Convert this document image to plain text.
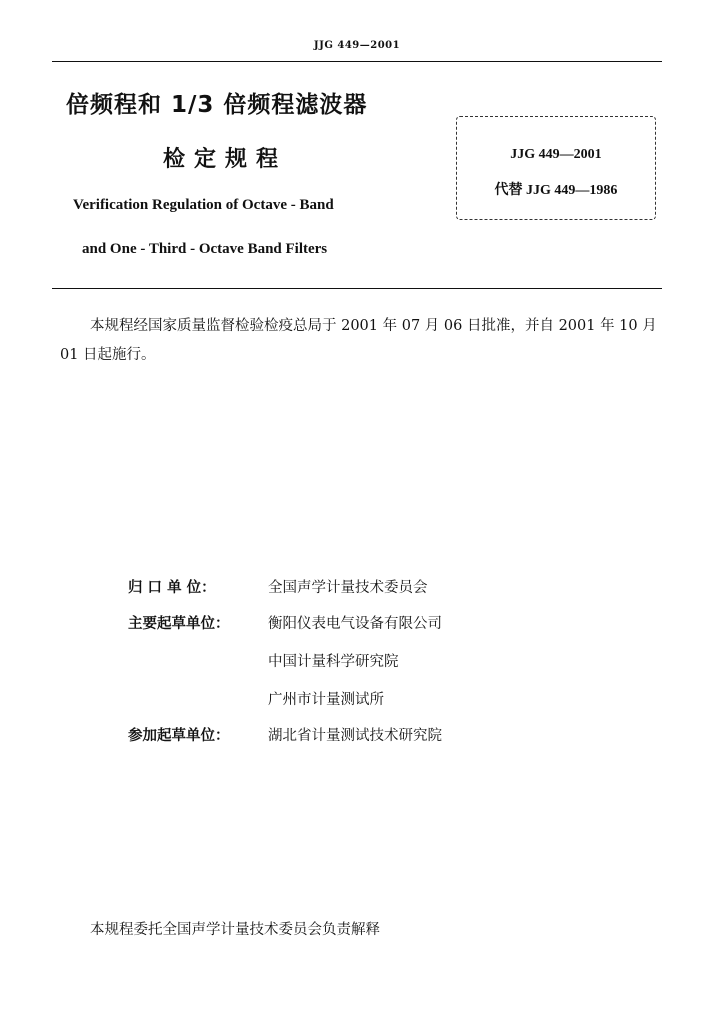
JJG 449—2001
倍频程和 1/3 倍频程滤波器
检定规程
Verification Regulation of Octave - Band
and One - Third - Octave Band Filters
JJG 449—2001
代替 JJG 449—1986
本规程经国家质量监督检验检疫总局于 2001 年 07 月 06 日批准，并自 2001 年 10 月 01 日起施行。
归 口 单 位：	全国声学计量技术委员会
主要起草单位：	衡阳仪表电气设备有限公司
中国计量科学研究院
广州市计量测试所
参加起草单位：	湖北省计量测试技术研究院
本规程委托全国声学计量技术委员会负责解释
